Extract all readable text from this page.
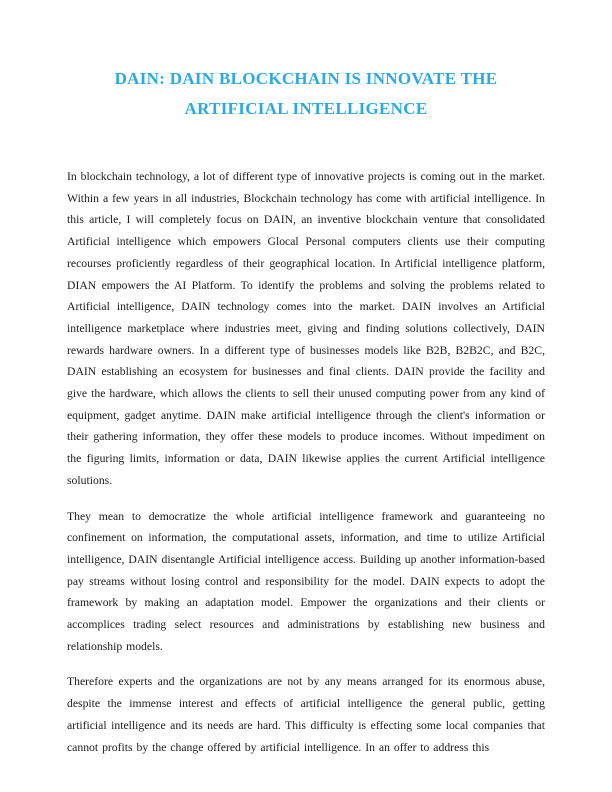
DAIN: DAIN BLOCKCHAIN IS INNOVATE THE ARTIFICIAL INTELLIGENCE

In blockchain technology, a lot of different type of innovative projects is coming out in the market. Within a few years in all industries, Blockchain technology has come with artificial intelligence. In this article, I will completely focus on DAIN, an inventive blockchain venture that consolidated Artificial intelligence which empowers Glocal Personal computers clients use their computing recourses proficiently regardless of their geographical location. In Artificial intelligence platform, DIAN empowers the AI Platform. To identify the problems and solving the problems related to Artificial intelligence, DAIN technology comes into the market. DAIN involves an Artificial intelligence marketplace where industries meet, giving and finding solutions collectively, DAIN rewards hardware owners. In a different type of businesses models like B2B, B2B2C, and B2C, DAIN establishing an ecosystem for businesses and final clients. DAIN provide the facility and give the hardware, which allows the clients to sell their unused computing power from any kind of equipment, gadget anytime. DAIN make artificial intelligence through the client's information or their gathering information, they offer these models to produce incomes. Without impediment on the figuring limits, information or data, DAIN likewise applies the current Artificial intelligence solutions.

They mean to democratize the whole artificial intelligence framework and guaranteeing no confinement on information, the computational assets, information, and time to utilize Artificial intelligence, DAIN disentangle Artificial intelligence access. Building up another information-based pay streams without losing control and responsibility for the model. DAIN expects to adopt the framework by making an adaptation model. Empower the organizations and their clients or accomplices trading select resources and administrations by establishing new business and relationship models.

Therefore experts and the organizations are not by any means arranged for its enormous abuse, despite the immense interest and effects of artificial intelligence the general public, getting artificial intelligence and its needs are hard. This difficulty is effecting some local companies that cannot profits by the change offered by artificial intelligence. In an offer to address this
